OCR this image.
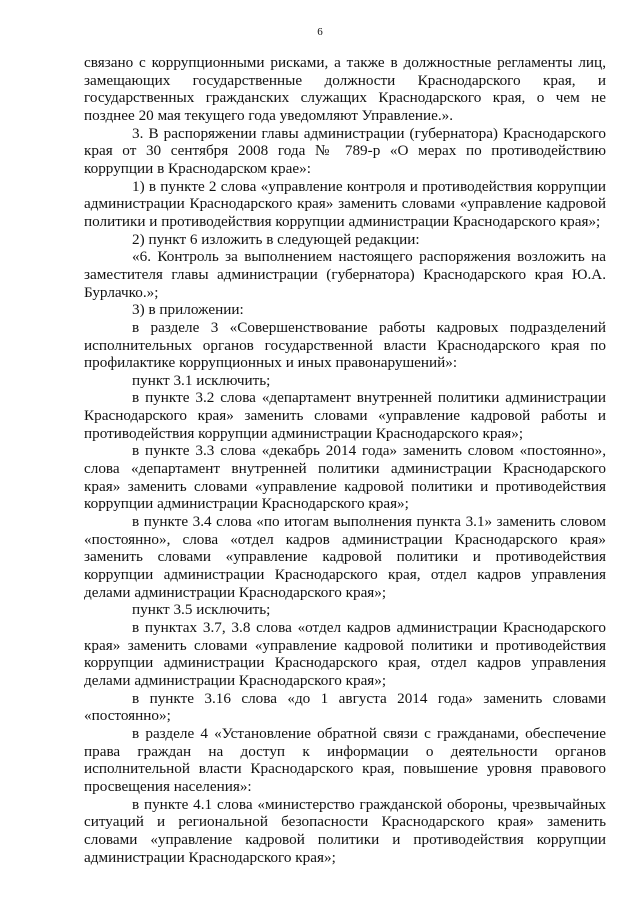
6

связано с коррупционными рисками, а также в должностные регламенты лиц, замещающих государственные должности Краснодарского края, и государственных гражданских служащих Краснодарского края, о чем не позднее 20 мая текущего года уведомляют Управление.».

3. В распоряжении главы администрации (губернатора) Краснодарского края от 30 сентября 2008 года № 789-р «О мерах по противодействию коррупции в Краснодарском крае»:

1) в пункте 2 слова «управление контроля и противодействия коррупции администрации Краснодарского края» заменить словами «управление кадровой политики и противодействия коррупции администрации Краснодарского края»;

2) пункт 6 изложить в следующей редакции:

«6. Контроль за выполнением настоящего распоряжения возложить на заместителя главы администрации (губернатора) Краснодарского края Ю.А. Бурлачко.»;

3) в приложении:

в разделе 3 «Совершенствование работы кадровых подразделений исполнительных органов государственной власти Краснодарского края по профилактике коррупционных и иных правонарушений»:

пункт 3.1 исключить;

в пункте 3.2 слова «департамент внутренней политики администрации Краснодарского края» заменить словами «управление кадровой работы и противодействия коррупции администрации Краснодарского края»;

в пункте 3.3 слова «декабрь 2014 года» заменить словом «постоянно», слова «департамент внутренней политики администрации Краснодарского края» заменить словами «управление кадровой политики и противодействия коррупции администрации Краснодарского края»;

в пункте 3.4 слова «по итогам выполнения пункта 3.1» заменить словом «постоянно», слова «отдел кадров администрации Краснодарского края» заменить словами «управление кадровой политики и противодействия коррупции администрации Краснодарского края, отдел кадров управления делами администрации Краснодарского края»;

пункт 3.5 исключить;

в пунктах 3.7, 3.8 слова «отдел кадров администрации Краснодарского края» заменить словами «управление кадровой политики и противодействия коррупции администрации Краснодарского края, отдел кадров управления делами администрации Краснодарского края»;

в пункте 3.16 слова «до 1 августа 2014 года» заменить словами «постоянно»;

в разделе 4 «Установление обратной связи с гражданами, обеспечение права граждан на доступ к информации о деятельности органов исполнительной власти Краснодарского края, повышение уровня правового просвещения населения»:

в пункте 4.1 слова «министерство гражданской обороны, чрезвычайных ситуаций и региональной безопасности Краснодарского края» заменить словами «управление кадровой политики и противодействия коррупции администрации Краснодарского края»;
